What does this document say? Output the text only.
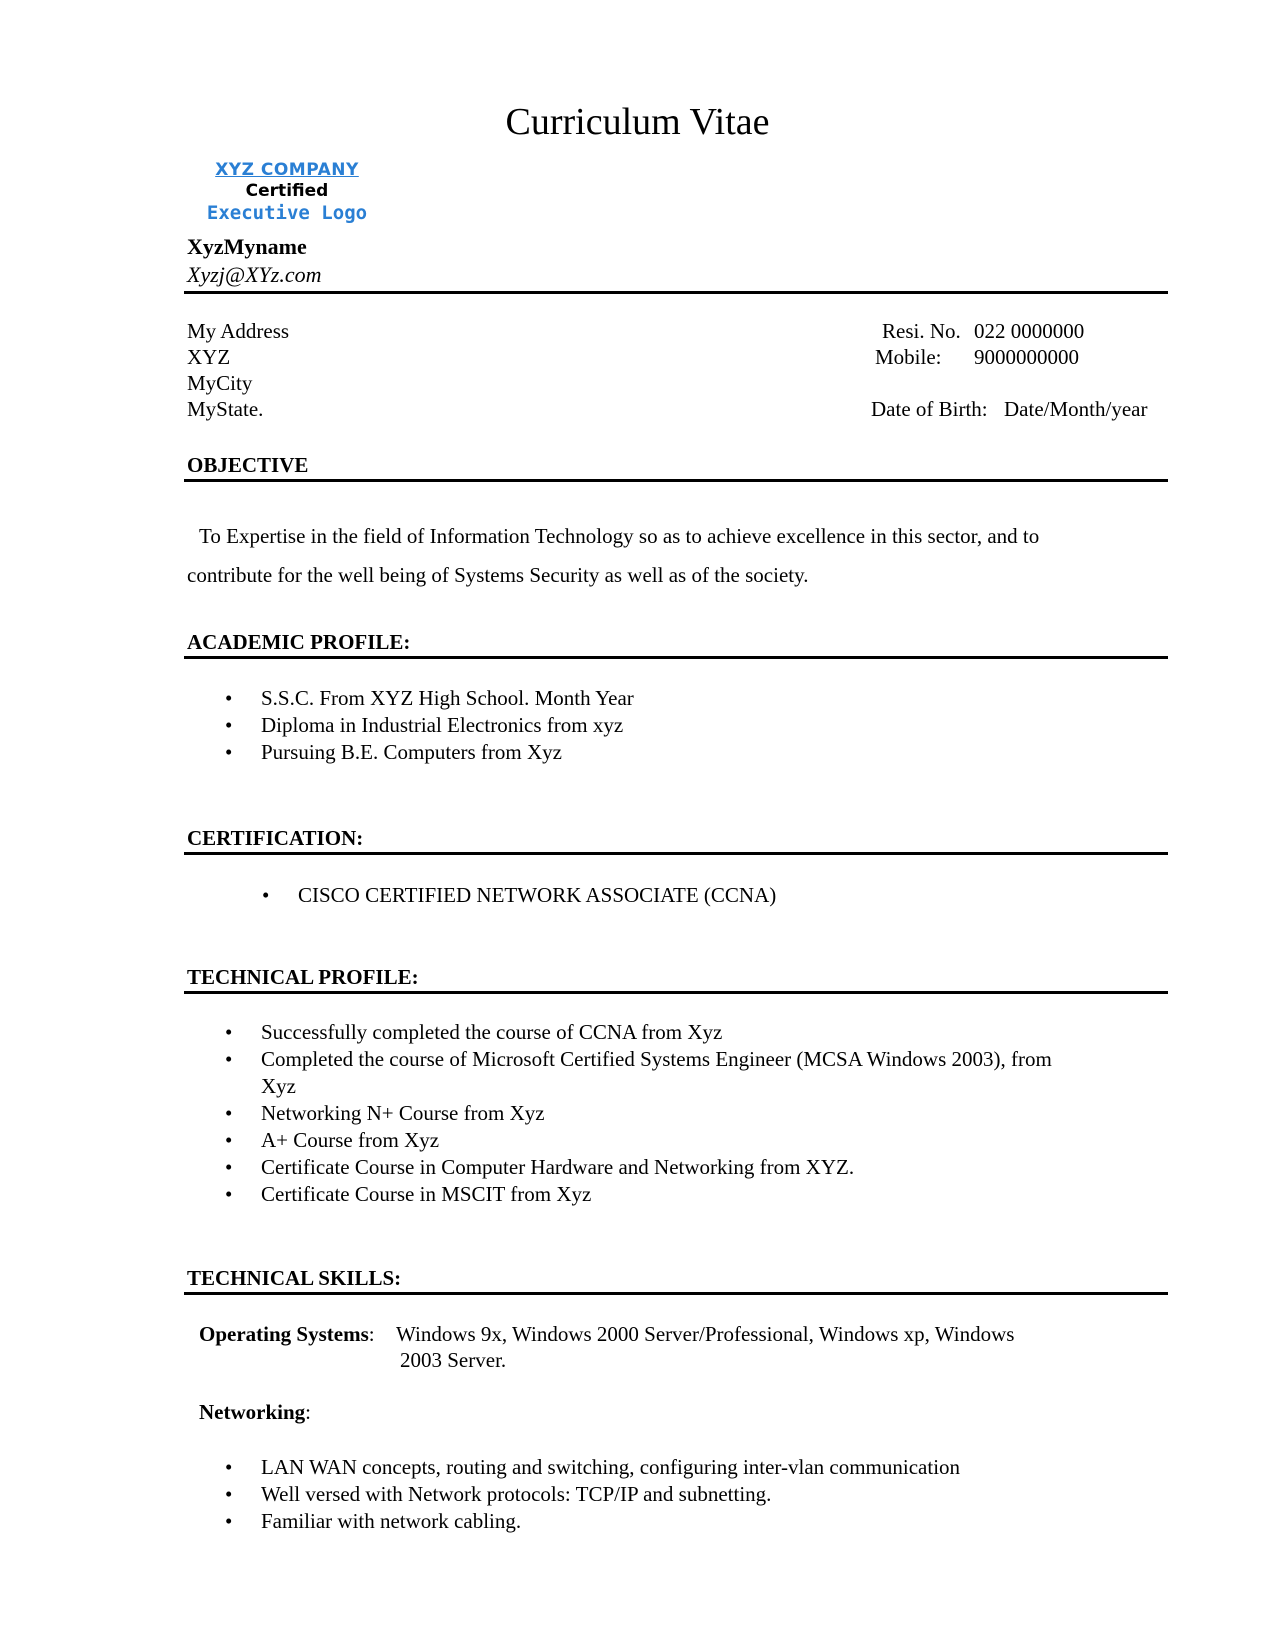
Curriculum Vitae
XYZ COMPANY
Certified
Executive Logo
XyzMyname
Xyzj@XYz.com
My Address
XYZ
MyCity
MyState.
Resi. No. 022 0000000
Mobile: 9000000000
Date of Birth: Date/Month/year
OBJECTIVE
To Expertise in the field of Information Technology so as to achieve excellence in this sector, and to
contribute for the well being of Systems Security as well as of the society.
ACADEMIC PROFILE:
• S.S.C. From XYZ High School. Month Year
• Diploma in Industrial Electronics from xyz
• Pursuing B.E. Computers from Xyz
CERTIFICATION:
• CISCO CERTIFIED NETWORK ASSOCIATE (CCNA)
TECHNICAL PROFILE:
• Successfully completed the course of CCNA from Xyz
• Completed the course of Microsoft Certified Systems Engineer (MCSA Windows 2003), from
Xyz
• Networking N+ Course from Xyz
• A+ Course from Xyz
• Certificate Course in Computer Hardware and Networking from XYZ.
• Certificate Course in MSCIT from Xyz
TECHNICAL SKILLS:
Operating Systems: Windows 9x, Windows 2000 Server/Professional, Windows xp, Windows
2003 Server.
Networking:
• LAN WAN concepts, routing and switching, configuring inter-vlan communication
• Well versed with Network protocols: TCP/IP and subnetting.
• Familiar with network cabling.
